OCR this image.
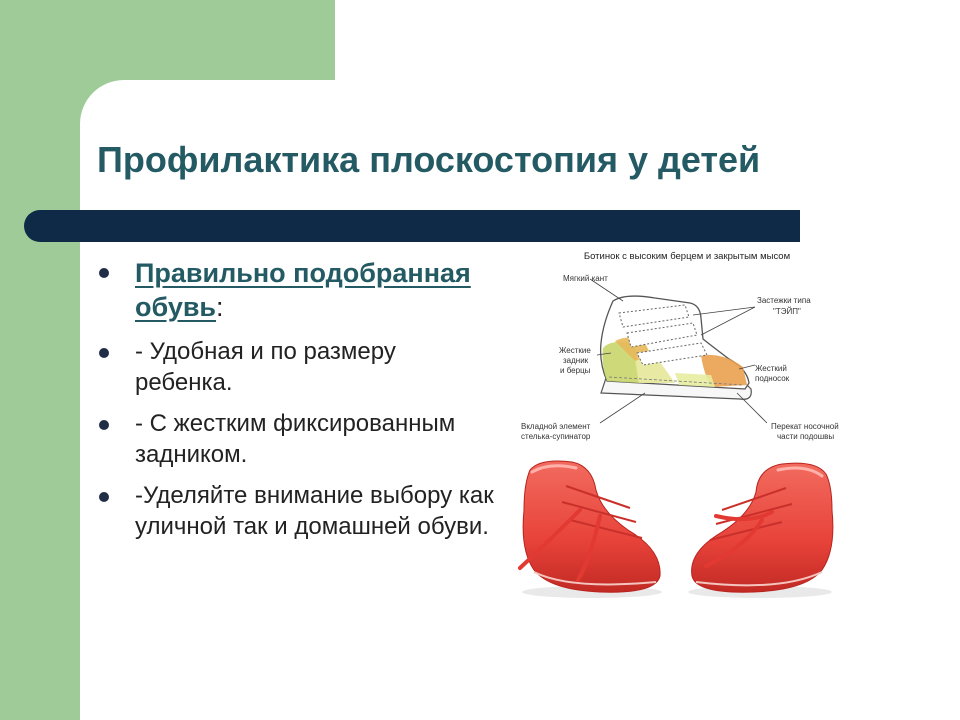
Профилактика плоскостопия у детей
Правильно подобранная обувь:
- Удобная и по размеру ребенка.
- С жестким фиксированным задником.
-Уделяйте внимание выбору как уличной так и домашней обуви.
Ботинок с высоким берцем и закрытым мысом
Мягкий кант
Застежки типа
"ТЭЙП"
Жесткие
задник
и берцы	Жесткий
подносок
Вкладной элемент
стелька-супинатор
Перекат носочной
части подошвы
